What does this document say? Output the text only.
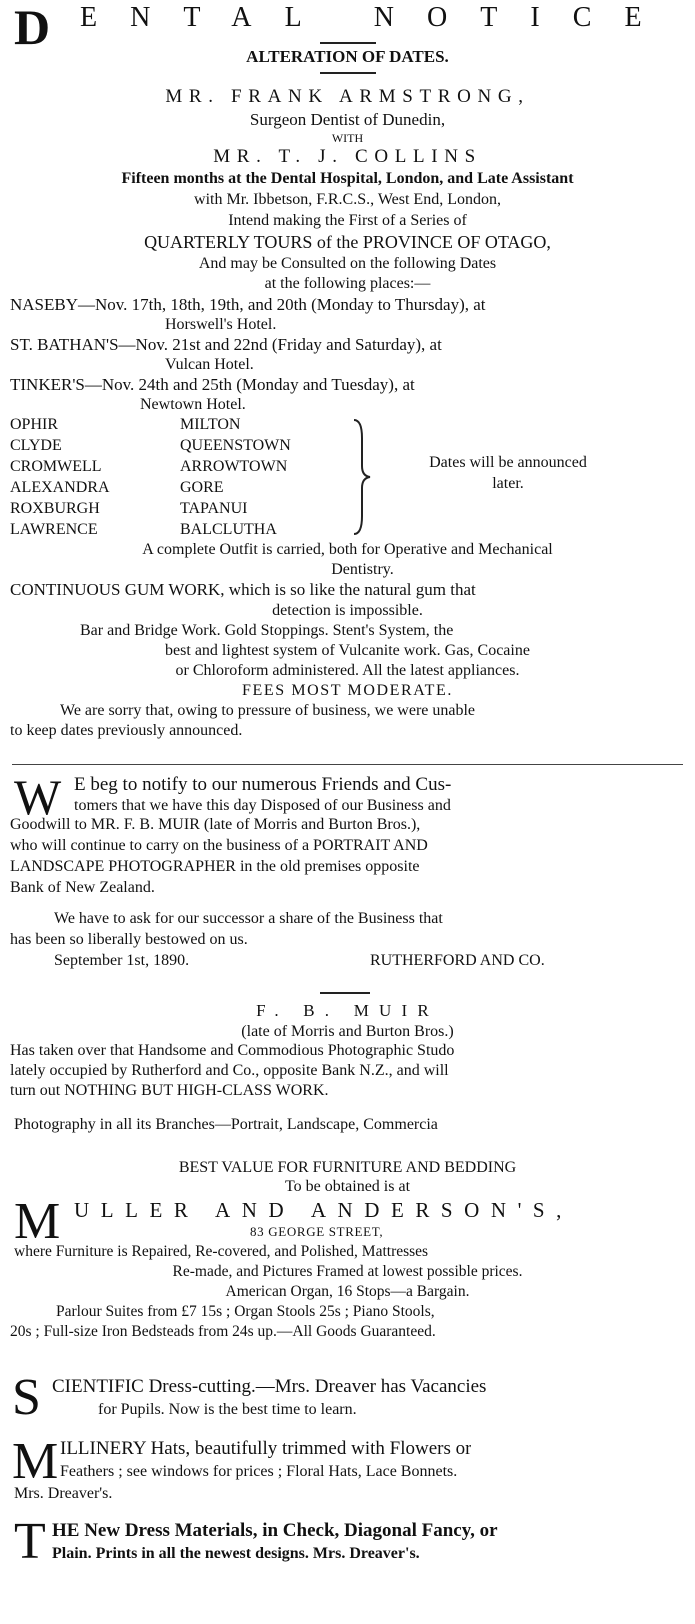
D ENTAL NOTICE
ALTERATION OF DATES.
MR. FRANK ARMSTRONG,
Surgeon Dentist of Dunedin,
WITH
MR. T. J. COLLINS
Fifteen months at the Dental Hospital, London, and Late Assistant
with Mr. Ibbetson, F.R.C.S., West End, London,
Intend making the First of a Series of
QUARTERLY TOURS of the PROVINCE OF OTAGO,
And may be Consulted on the following Dates
at the following places:—
NASEBY—Nov. 17th, 18th, 19th, and 20th (Monday to Thursday), at
Horswell's Hotel.
ST. BATHAN'S—Nov. 21st and 22nd (Friday and Saturday), at
Vulcan Hotel.
TINKER'S—Nov. 24th and 25th (Monday and Tuesday), at
Newtown Hotel.
OPHIR
CLYDE
CROMWELL
ALEXANDRA
ROXBURGH
LAWRENCE
MILTON
QUEENSTOWN
ARROWTOWN
GORE
TAPANUI
BALCLUTHA
Dates will be announced
later.
A complete Outfit is carried, both for Operative and Mechanical
Dentistry.
CONTINUOUS GUM WORK, which is so like the natural gum that
detection is impossible.
Bar and Bridge Work. Gold Stoppings. Stent's System, the
best and lightest system of Vulcanite work. Gas, Cocaine
or Chloroform administered. All the latest appliances.
FEES MOST MODERATE.
We are sorry that, owing to pressure of business, we were unable
to keep dates previously announced.
W E beg to notify to our numerous Friends and Cus-
tomers that we have this day Disposed of our Business and
Goodwill to MR. F. B. MUIR (late of Morris and Burton Bros.),
who will continue to carry on the business of a PORTRAIT AND
LANDSCAPE PHOTOGRAPHER in the old premises opposite
Bank of New Zealand.
We have to ask for our successor a share of the Business that
has been so liberally bestowed on us.
September 1st, 1890.	RUTHERFORD AND CO.
F. B. MUIR
(late of Morris and Burton Bros.)
Has taken over that Handsome and Commodious Photographic Studo
lately occupied by Rutherford and Co., opposite Bank N.Z., and will
turn out NOTHING BUT HIGH-CLASS WORK.
Photography in all its Branches—Portrait, Landscape, Commercia
BEST VALUE FOR FURNITURE AND BEDDING
To be obtained is at
M ULLER AND ANDERSON'S,
83 GEORGE STREET,
where Furniture is Repaired, Re-covered, and Polished, Mattresses
Re-made, and Pictures Framed at lowest possible prices.
American Organ, 16 Stops—a Bargain.
Parlour Suites from £7 15s ; Organ Stools 25s ; Piano Stools,
20s ; Full-size Iron Bedsteads from 24s up.—All Goods Guaranteed.
S CIENTIFIC Dress-cutting.—Mrs. Dreaver has Vacancies
for Pupils. Now is the best time to learn.
M ILLINERY Hats, beautifully trimmed with Flowers or
Feathers ; see windows for prices ; Floral Hats, Lace Bonnets.
Mrs. Dreaver's.
T HE New Dress Materials, in Check, Diagonal Fancy, or
Plain. Prints in all the newest designs. Mrs. Dreaver's.
